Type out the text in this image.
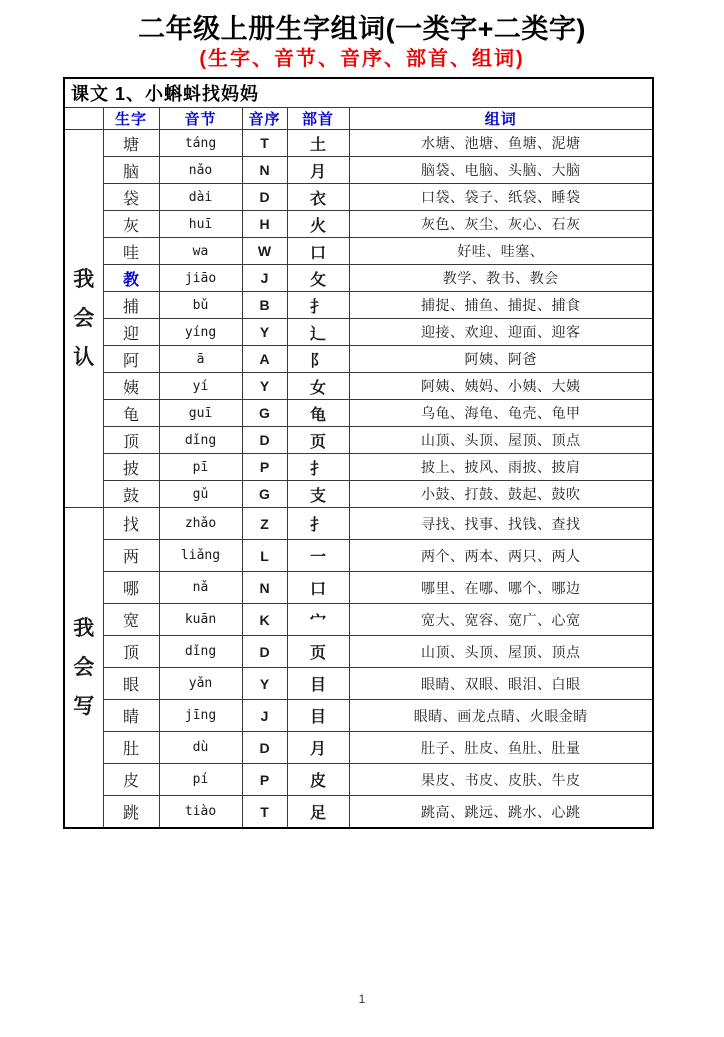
二年级上册生字组词(一类字+二类字)
(生字、音节、音序、部首、组词)
课文 1、小蝌蚪找妈妈					
	生字	音节	音序	部首	组词

我
会
认	塘	táng	T	土	水塘、池塘、鱼塘、泥塘
	脑	nǎo	N	月	脑袋、电脑、头脑、大脑
	袋	dài	D	衣	口袋、袋子、纸袋、睡袋
	灰	huī	H	火	灰色、灰尘、灰心、石灰
	哇	wa	W	口	好哇、哇塞、
	教	jiāo	J	攵	教学、教书、教会
	捕	bǔ	B	扌	捕捉、捕鱼、捕捉、捕食
	迎	yíng	Y	辶	迎接、欢迎、迎面、迎客
	阿	ā	A	阝	阿姨、阿爸
	姨	yí	Y	女	阿姨、姨妈、小姨、大姨
	龟	guī	G	龟	乌龟、海龟、龟壳、龟甲
	顶	dǐng	D	页	山顶、头顶、屋顶、顶点
	披	pī	P	扌	披上、披风、雨披、披肩
	鼓	gǔ	G	支	小鼓、打鼓、鼓起、鼓吹

我
会
写	找	zhǎo	Z	扌	寻找、找事、找钱、查找
	两	liǎng	L	一	两个、两本、两只、两人
	哪	nǎ	N	口	哪里、在哪、哪个、哪边
	宽	kuān	K	宀	宽大、宽容、宽广、心宽
	顶	dǐng	D	页	山顶、头顶、屋顶、顶点
	眼	yǎn	Y	目	眼睛、双眼、眼泪、白眼
	睛	jīng	J	目	眼睛、画龙点睛、火眼金睛
	肚	dù	D	月	肚子、肚皮、鱼肚、肚量
	皮	pí	P	皮	果皮、书皮、皮肤、牛皮
	跳	tiào	T	足	跳高、跳远、跳水、心跳
1
